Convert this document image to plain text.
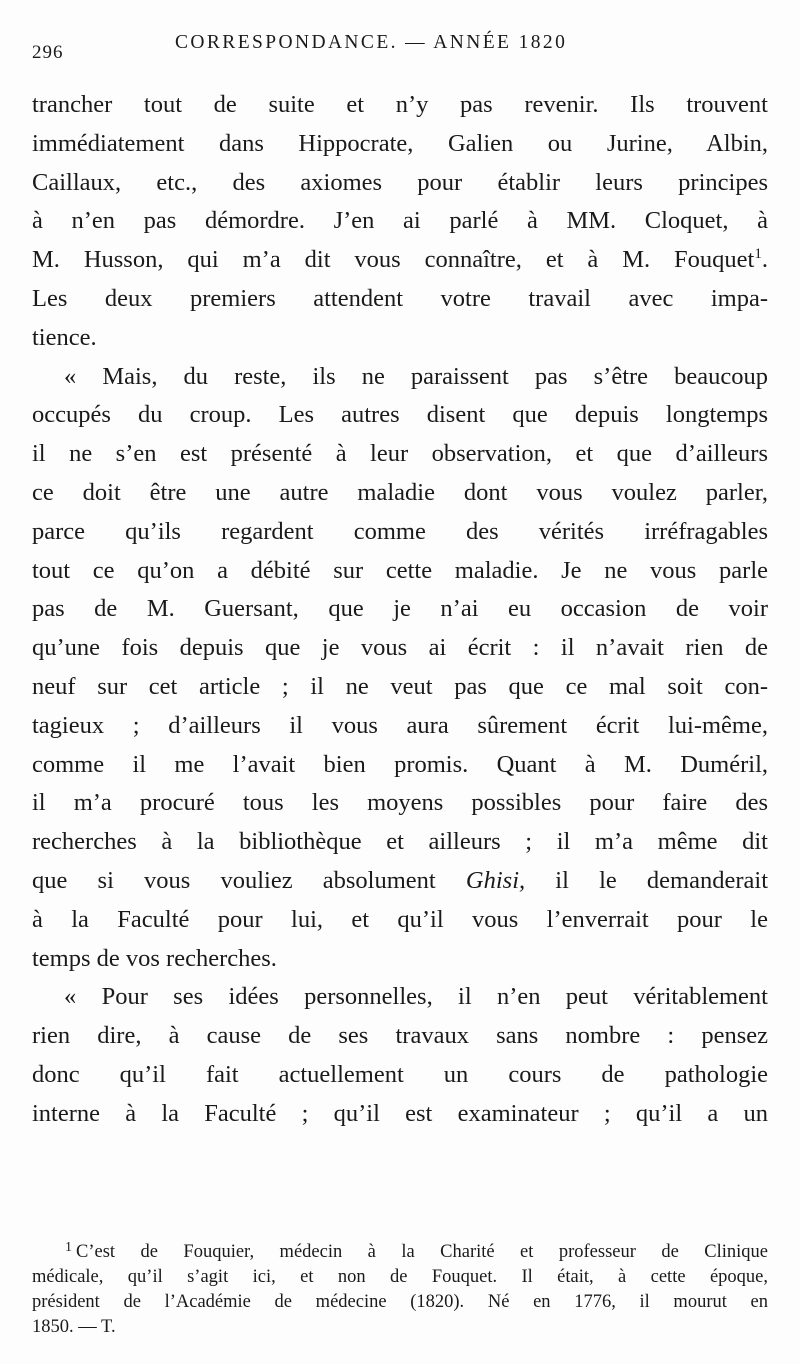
296	CORRESPONDANCE. — ANNÉE 1820
trancher tout de suite et n’y pas revenir. Ils trouvent
immédiatement dans Hippocrate, Galien ou Jurine, Albin,
Caillaux, etc., des axiomes pour établir leurs principes
à n’en pas démordre. J’en ai parlé à MM. Cloquet, à
M. Husson, qui m’a dit vous connaître, et à M. Fouquet$^1$.
Les deux premiers attendent votre travail avec impa-
tience.
« Mais, du reste, ils ne paraissent pas s’être beaucoup
occupés du croup. Les autres disent que depuis longtemps
il ne s’en est présenté à leur observation, et que d’ailleurs
ce doit être une autre maladie dont vous voulez parler,
parce qu’ils regardent comme des vérités irréfragables
tout ce qu’on a débité sur cette maladie. Je ne vous parle
pas de M. Guersant, que je n’ai eu occasion de voir
qu’une fois depuis que je vous ai écrit : il n’avait rien de
neuf sur cet article ; il ne veut pas que ce mal soit con-
tagieux ; d’ailleurs il vous aura sûrement écrit lui-même,
comme il me l’avait bien promis. Quant à M. Duméril,
il m’a procuré tous les moyens possibles pour faire des
recherches à la bibliothèque et ailleurs ; il m’a même dit
que si vous vouliez absolument Ghisi, il le demanderait
à la Faculté pour lui, et qu’il vous l’enverrait pour le
temps de vos recherches.
« Pour ses idées personnelles, il n’en peut véritablement
rien dire, à cause de ses travaux sans nombre : pensez
donc qu’il fait actuellement un cours de pathologie
interne à la Faculté ; qu’il est examinateur ; qu’il a un
$^1$ C’est de Fouquier, médecin à la Charité et professeur de Clinique
médicale, qu’il s’agit ici, et non de Fouquet. Il était, à cette époque,
président de l’Académie de médecine (1820). Né en 1776, il mourut en
1850. — T.
